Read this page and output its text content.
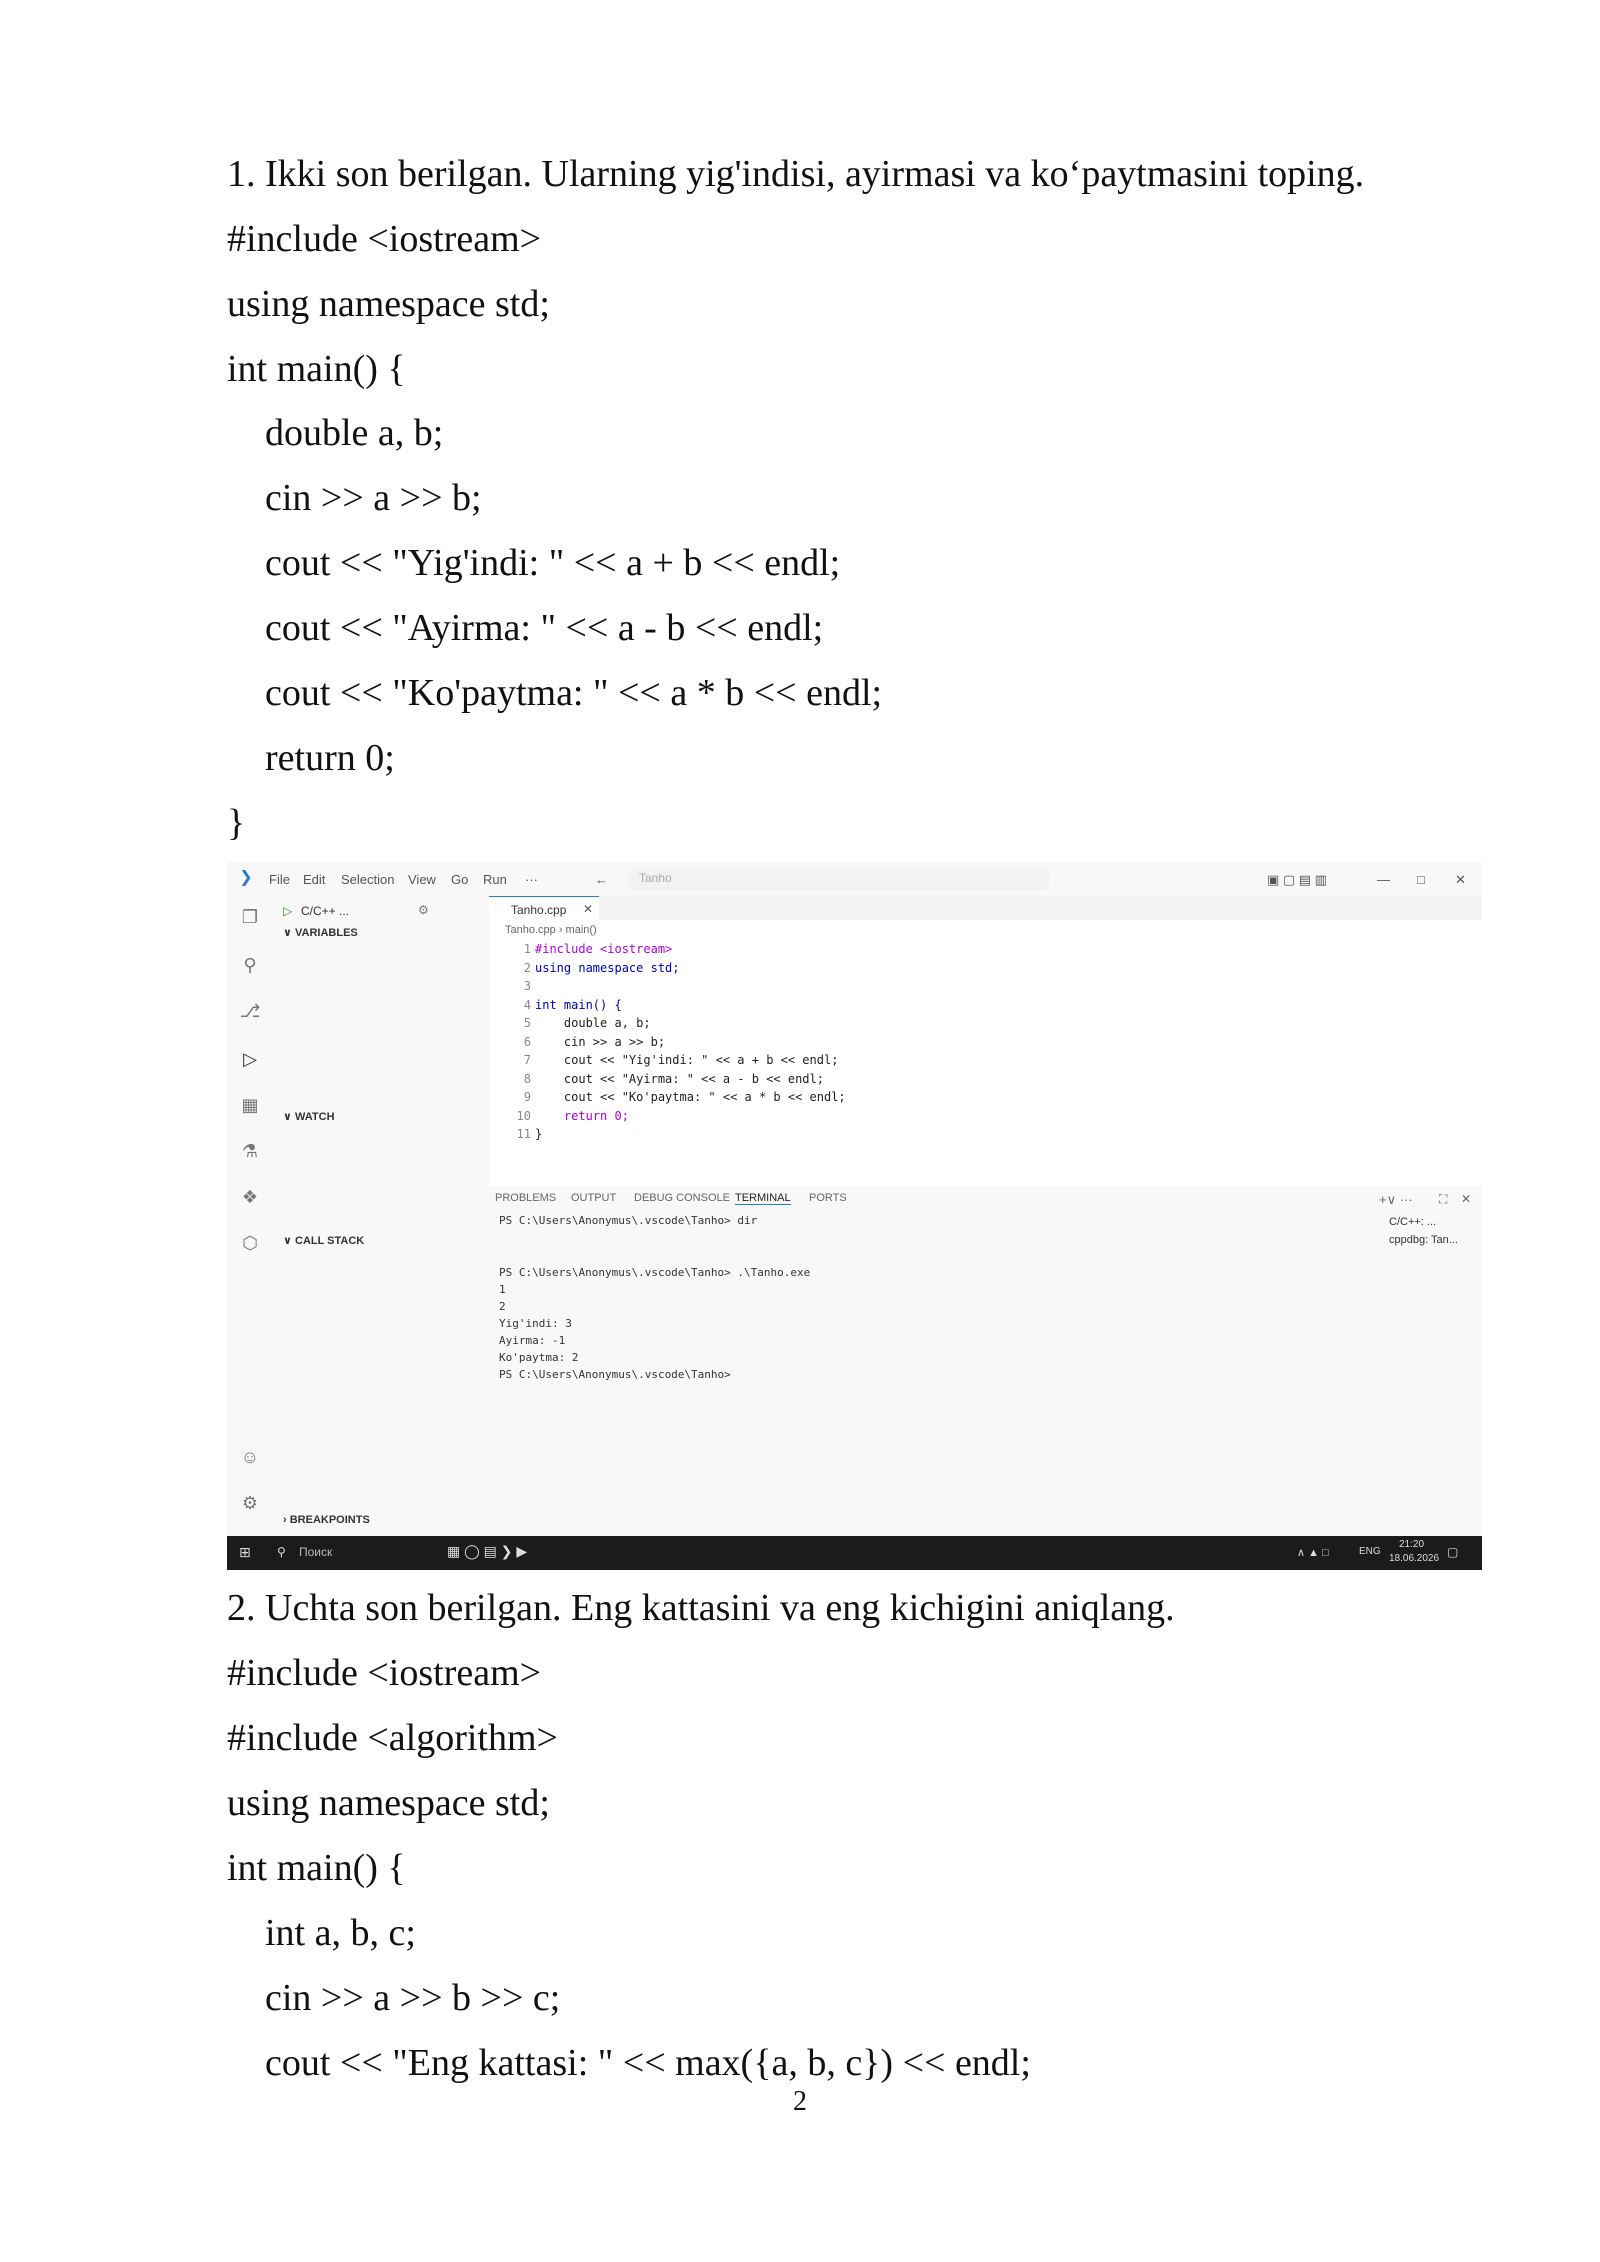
1. Ikki son berilgan. Ularning yig'indisi, ayirmasi va ko‘paytmasini toping.
#include <iostream>
using namespace std;
int main() {
double a, b;
cin >> a >> b;
cout << "Yig'indi: " << a + b << endl;
cout << "Ayirma: " << a - b << endl;
cout << "Ko'paytma: " << a * b << endl;
return 0;
}
❯	File Edit Selection View Go Run ···	←	Tanho	▣ ▢ ▤ ▥	— □ ✕
❐
⚲
⎇
▷
▦
⚗
❖
⬡
☺
⚙
▷ C/C++ ...	⚙
∨ VARIABLES
∨ WATCH
∨ CALL STACK
› BREAKPOINTS
Tanho.cpp ✕
Tanho.cpp › main()
1
2
3
4
5
6
7
8
9
10
11
#include <iostream>
using namespace std;
int main() {
double a, b;
cin >> a >> b;
cout << "Yig'indi: " << a + b << endl;
cout << "Ayirma: " << a - b << endl;
cout << "Ko'paytma: " << a * b << endl;
return 0;
}
PROBLEMS OUTPUT DEBUG CONSOLE TERMINAL PORTS	+∨ ··· ⛶ ✕
PS C:\Users\Anonymus\.vscode\Tanho> dir
PS C:\Users\Anonymus\.vscode\Tanho> .\Tanho.exe
1
2
Yig'indi: 3
Ayirma: -1
Ko'paytma: 2
PS C:\Users\Anonymus\.vscode\Tanho>
C/C++: ...
cppdbg: Tan...
⊞ ⚲ Поиск	▦ ◯ ▤ ❯ ▶	∧ ▲ □	ENG
21:20
18.06.2026 ▢
2. Uchta son berilgan. Eng kattasini va eng kichigini aniqlang.
#include <iostream>
#include <algorithm>
using namespace std;
int main() {
int a, b, c;
cin >> a >> b >> c;
cout << "Eng kattasi: " << max({a, b, c}) << endl;
2
